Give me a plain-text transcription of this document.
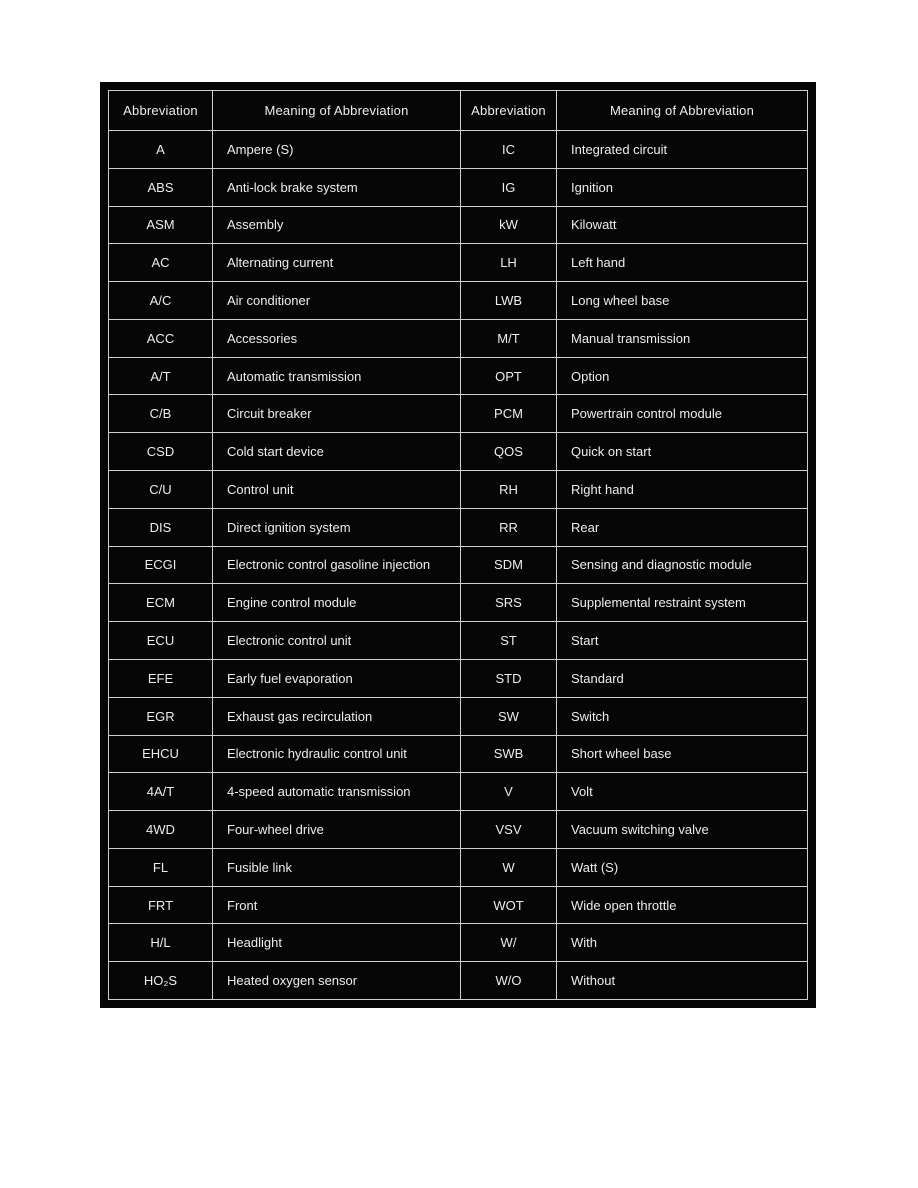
Abbreviation	Meaning of Abbreviation	Abbreviation	Meaning of Abbreviation
A	Ampere (S)	IC	Integrated circuit
ABS	Anti-lock brake system	IG	Ignition
ASM	Assembly	kW	Kilowatt
AC	Alternating current	LH	Left hand
A/C	Air conditioner	LWB	Long wheel base
ACC	Accessories	M/T	Manual transmission
A/T	Automatic transmission	OPT	Option
C/B	Circuit breaker	PCM	Powertrain control module
CSD	Cold start device	QOS	Quick on start
C/U	Control unit	RH	Right hand
DIS	Direct ignition system	RR	Rear
ECGI	Electronic control gasoline injection	SDM	Sensing and diagnostic module
ECM	Engine control module	SRS	Supplemental restraint system
ECU	Electronic control unit	ST	Start
EFE	Early fuel evaporation	STD	Standard
EGR	Exhaust gas recirculation	SW	Switch
EHCU	Electronic hydraulic control unit	SWB	Short wheel base
4A/T	4-speed automatic transmission	V	Volt
4WD	Four-wheel drive	VSV	Vacuum switching valve
FL	Fusible link	W	Watt (S)
FRT	Front	WOT	Wide open throttle
H/L	Headlight	W/	With
HO₂S	Heated oxygen sensor	W/O	Without
